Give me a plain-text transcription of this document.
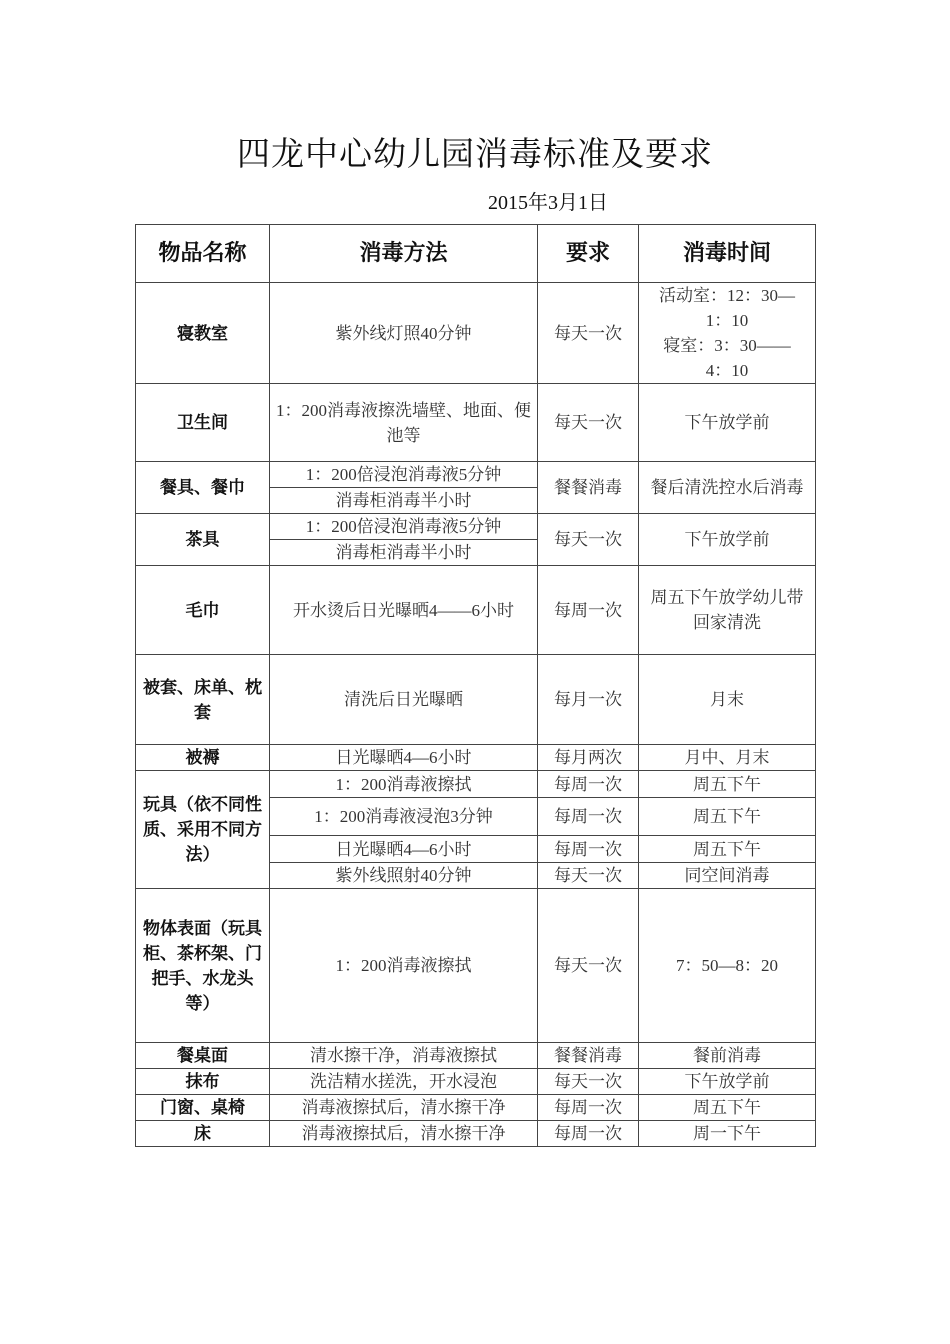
四龙中心幼儿园消毒标准及要求
2015年3月1日
物品名称	消毒方法	要求	消毒时间
寝教室	紫外线灯照40分钟	每天一次	活动室：12：30—
1：10
寝室：3：30——
4：10

卫生间	1：200消毒液擦洗墙壁、地面、便池等	每天一次	下午放学前
餐具、餐巾	1：200倍浸泡消毒液5分钟	餐餐消毒	餐后清洗控水后消毒
	消毒柜消毒半小时		
茶具	1：200倍浸泡消毒液5分钟	每天一次	下午放学前
	消毒柜消毒半小时		
毛巾	开水烫后日光曝晒4——6小时	每周一次	周五下午放学幼儿带回家清洗
被套、床单、枕套	清洗后日光曝晒	每月一次	月末
被褥	日光曝晒4—6小时	每月两次	月中、月末
玩具（依不同性质、采用不同方法）	1：200消毒液擦拭	每周一次	周五下午
	1：200消毒液浸泡3分钟	每周一次	周五下午
	日光曝晒4—6小时	每周一次	周五下午
	紫外线照射40分钟	每天一次	同空间消毒
物体表面（玩具柜、茶杯架、门把手、水龙头等）	1：200消毒液擦拭	每天一次	7：50—8：20
餐桌面	清水擦干净，消毒液擦拭	餐餐消毒	餐前消毒
抹布	洗洁精水搓洗，开水浸泡	每天一次	下午放学前
门窗、桌椅	消毒液擦拭后，清水擦干净	每周一次	周五下午
床	消毒液擦拭后，清水擦干净	每周一次	周一下午
